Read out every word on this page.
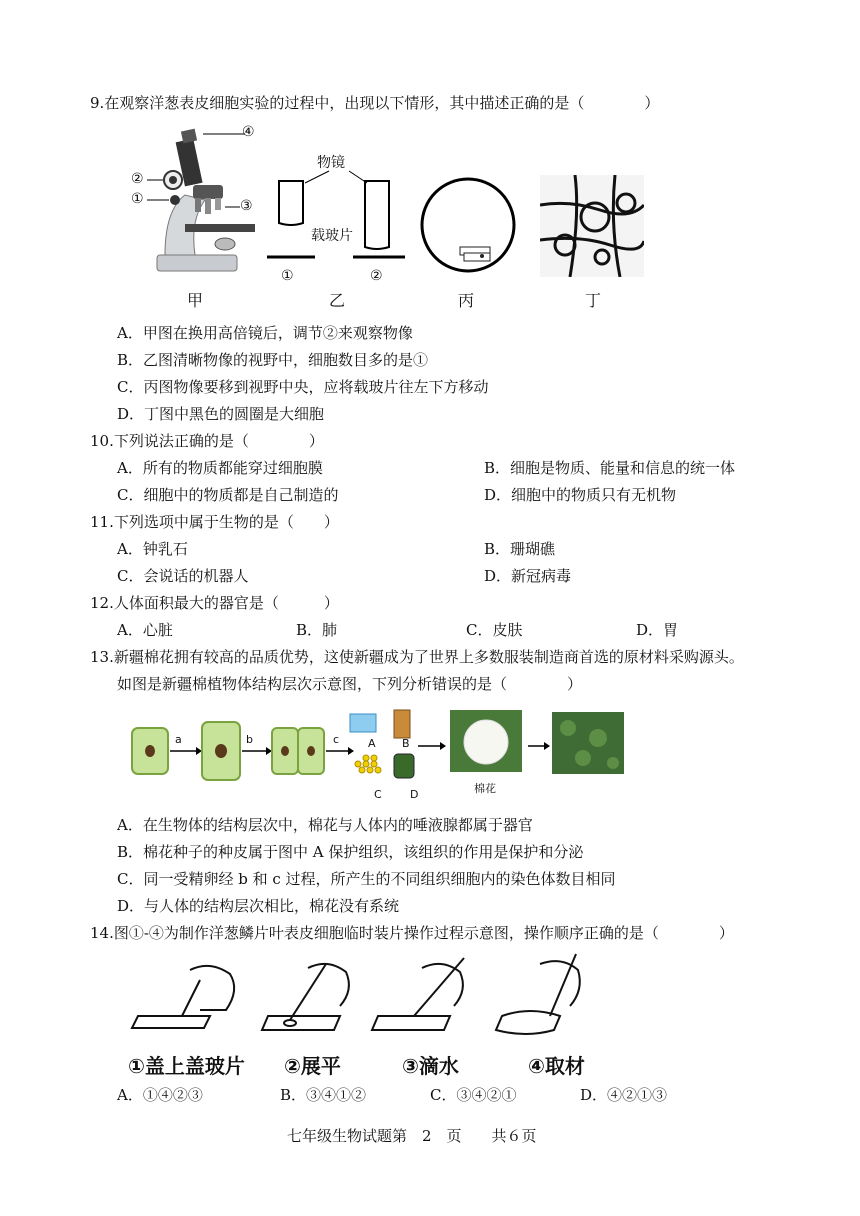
9.在观察洋葱表皮细胞实验的过程中，出现以下情形，其中描述正确的是（　　　　）
④
②
①	③
物镜
载玻片
①	②
甲	乙	丙	丁
A．甲图在换用高倍镜后，调节②来观察物像
B．乙图清晰物像的视野中，细胞数目多的是①
C．丙图物像要移到视野中央，应将载玻片往左下方移动
D．丁图中黑色的圆圈是大细胞
10.下列说法正确的是（　　　　）
A．所有的物质都能穿过细胞膜	B．细胞是物质、能量和信息的统一体
C．细胞中的物质都是自己制造的	D．细胞中的物质只有无机物
11.下列选项中属于生物的是（　　）
A．钟乳石	B．珊瑚礁
C．会说话的机器人	D．新冠病毒
12.人体面积最大的器官是（　　　）
A．心脏	B．肺	C．皮肤	D．胃
13.新疆棉花拥有较高的品质优势，这使新疆成为了世界上多数服装制造商首选的原材料采购源头。
如图是新疆棉植物体结构层次示意图，下列分析错误的是（　　　　）
a	b	c	A B
C	D	棉花
A．在生物体的结构层次中，棉花与人体内的唾液腺都属于器官
B．棉花种子的种皮属于图中 A 保护组织，该组织的作用是保护和分泌
C．同一受精卵经 b 和 c 过程，所产生的不同组织细胞内的染色体数目相同
D．与人体的结构层次相比，棉花没有系统
14.图①-④为制作洋葱鳞片叶表皮细胞临时装片操作过程示意图，操作顺序正确的是（　　　　）
①盖上盖玻片 ②展平	③滴水	④取材
A．①④②③	B．③④①②	C．③④②①	D．④②①③
七年级生物试题第　2　页　　共６页
